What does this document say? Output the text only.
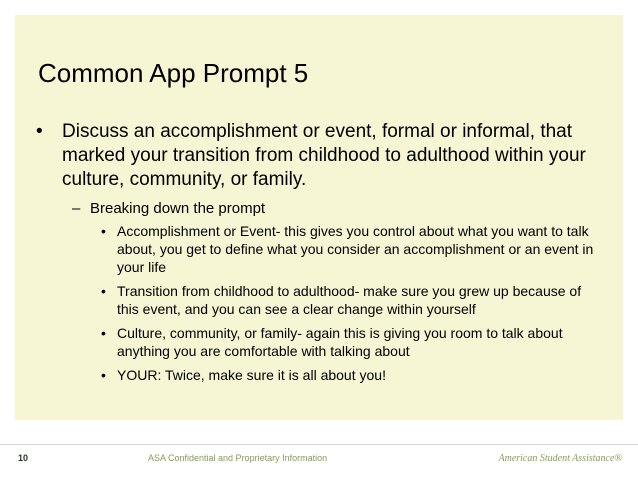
Common App Prompt 5
•	Discuss an accomplishment or event, formal or informal, that marked your transition from childhood to adulthood within your culture, community, or family.
– Breaking down the prompt
• Accomplishment or Event- this gives you control about what you want to talk about, you get to define what you consider an accomplishment or an event in your life
• Transition from childhood to adulthood- make sure you grew up because of this event, and you can see a clear change within yourself
• Culture, community, or family- again this is giving you room to talk about anything you are comfortable with talking about
• YOUR: Twice, make sure it is all about you!
10	ASA Confidential and Proprietary Information	American Student Assistance®
